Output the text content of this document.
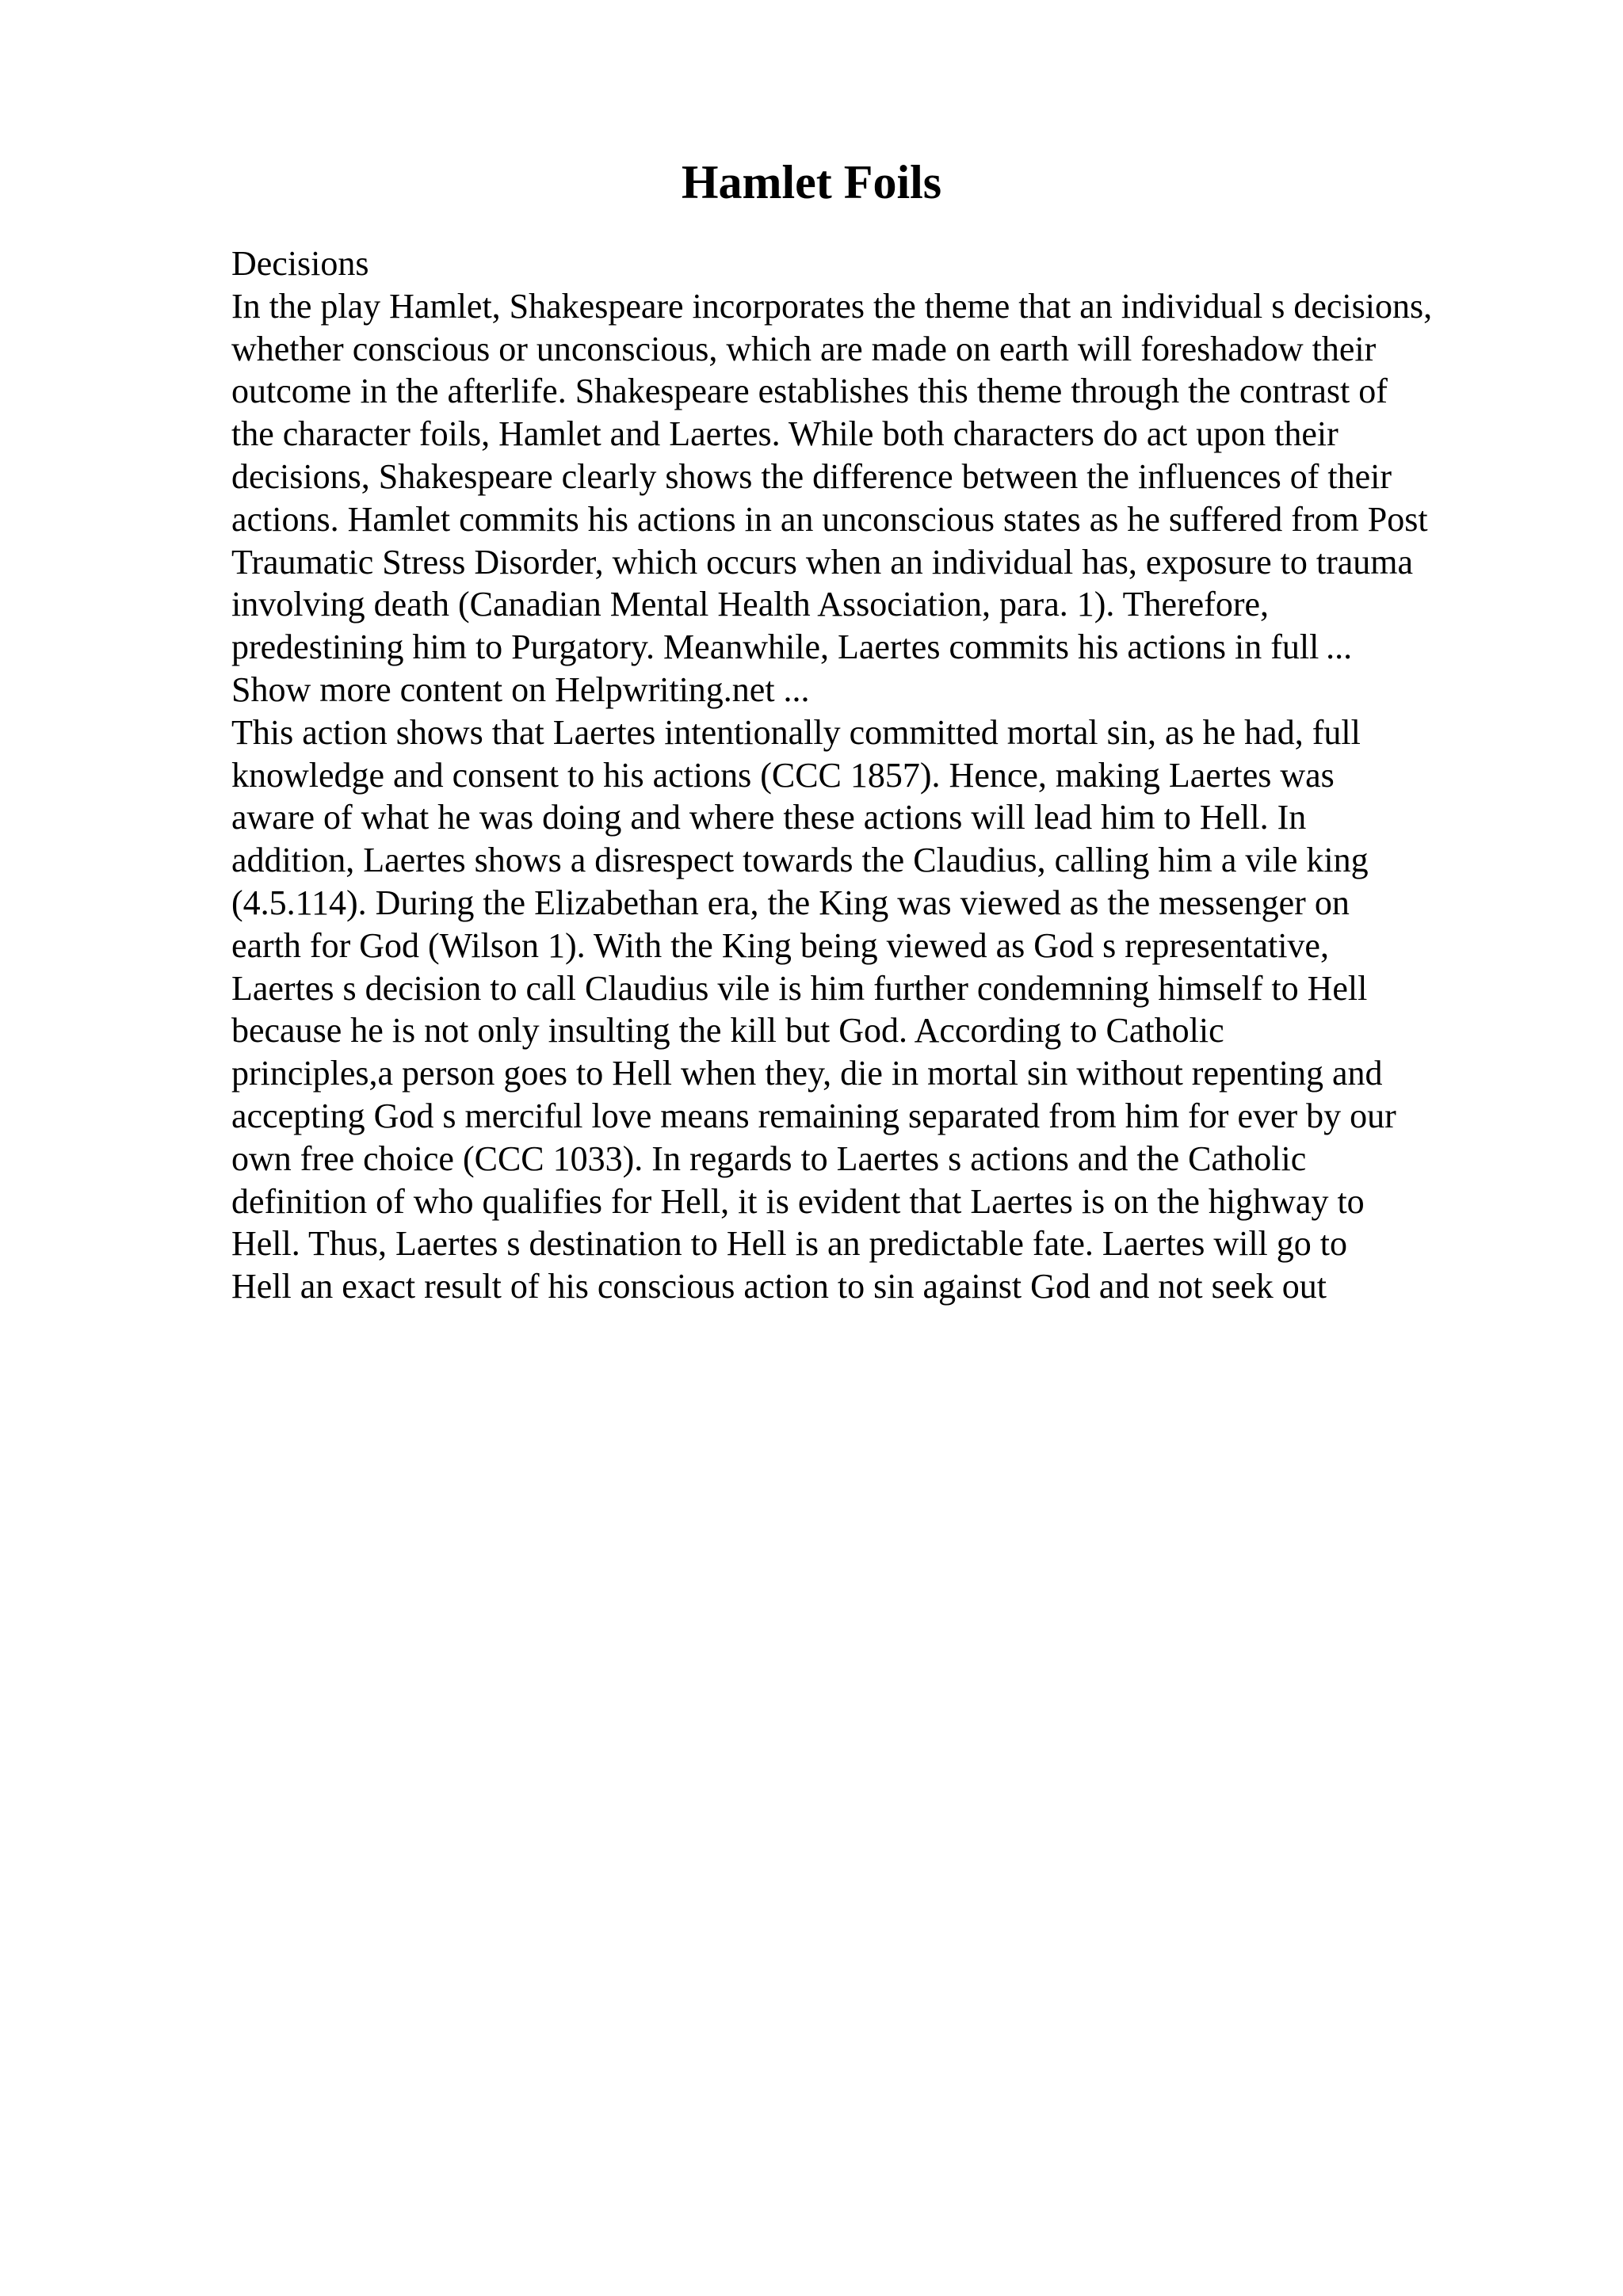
Hamlet Foils
Decisions
In the play Hamlet, Shakespeare incorporates the theme that an individual s decisions,
whether conscious or unconscious, which are made on earth will foreshadow their
outcome in the afterlife. Shakespeare establishes this theme through the contrast of
the character foils, Hamlet and Laertes. While both characters do act upon their
decisions, Shakespeare clearly shows the difference between the influences of their
actions. Hamlet commits his actions in an unconscious states as he suffered from Post
Traumatic Stress Disorder, which occurs when an individual has, exposure to trauma
involving death (Canadian Mental Health Association, para. 1). Therefore,
predestining him to Purgatory. Meanwhile, Laertes commits his actions in full ...
Show more content on Helpwriting.net ...
This action shows that Laertes intentionally committed mortal sin, as he had, full
knowledge and consent to his actions (CCC 1857). Hence, making Laertes was
aware of what he was doing and where these actions will lead him to Hell. In
addition, Laertes shows a disrespect towards the Claudius, calling him a vile king
(4.5.114). During the Elizabethan era, the King was viewed as the messenger on
earth for God (Wilson 1). With the King being viewed as God s representative,
Laertes s decision to call Claudius vile is him further condemning himself to Hell
because he is not only insulting the kill but God. According to Catholic
principles,a person goes to Hell when they, die in mortal sin without repenting and
accepting God s merciful love means remaining separated from him for ever by our
own free choice (CCC 1033). In regards to Laertes s actions and the Catholic
definition of who qualifies for Hell, it is evident that Laertes is on the highway to
Hell. Thus, Laertes s destination to Hell is an predictable fate. Laertes will go to
Hell an exact result of his conscious action to sin against God and not seek out
